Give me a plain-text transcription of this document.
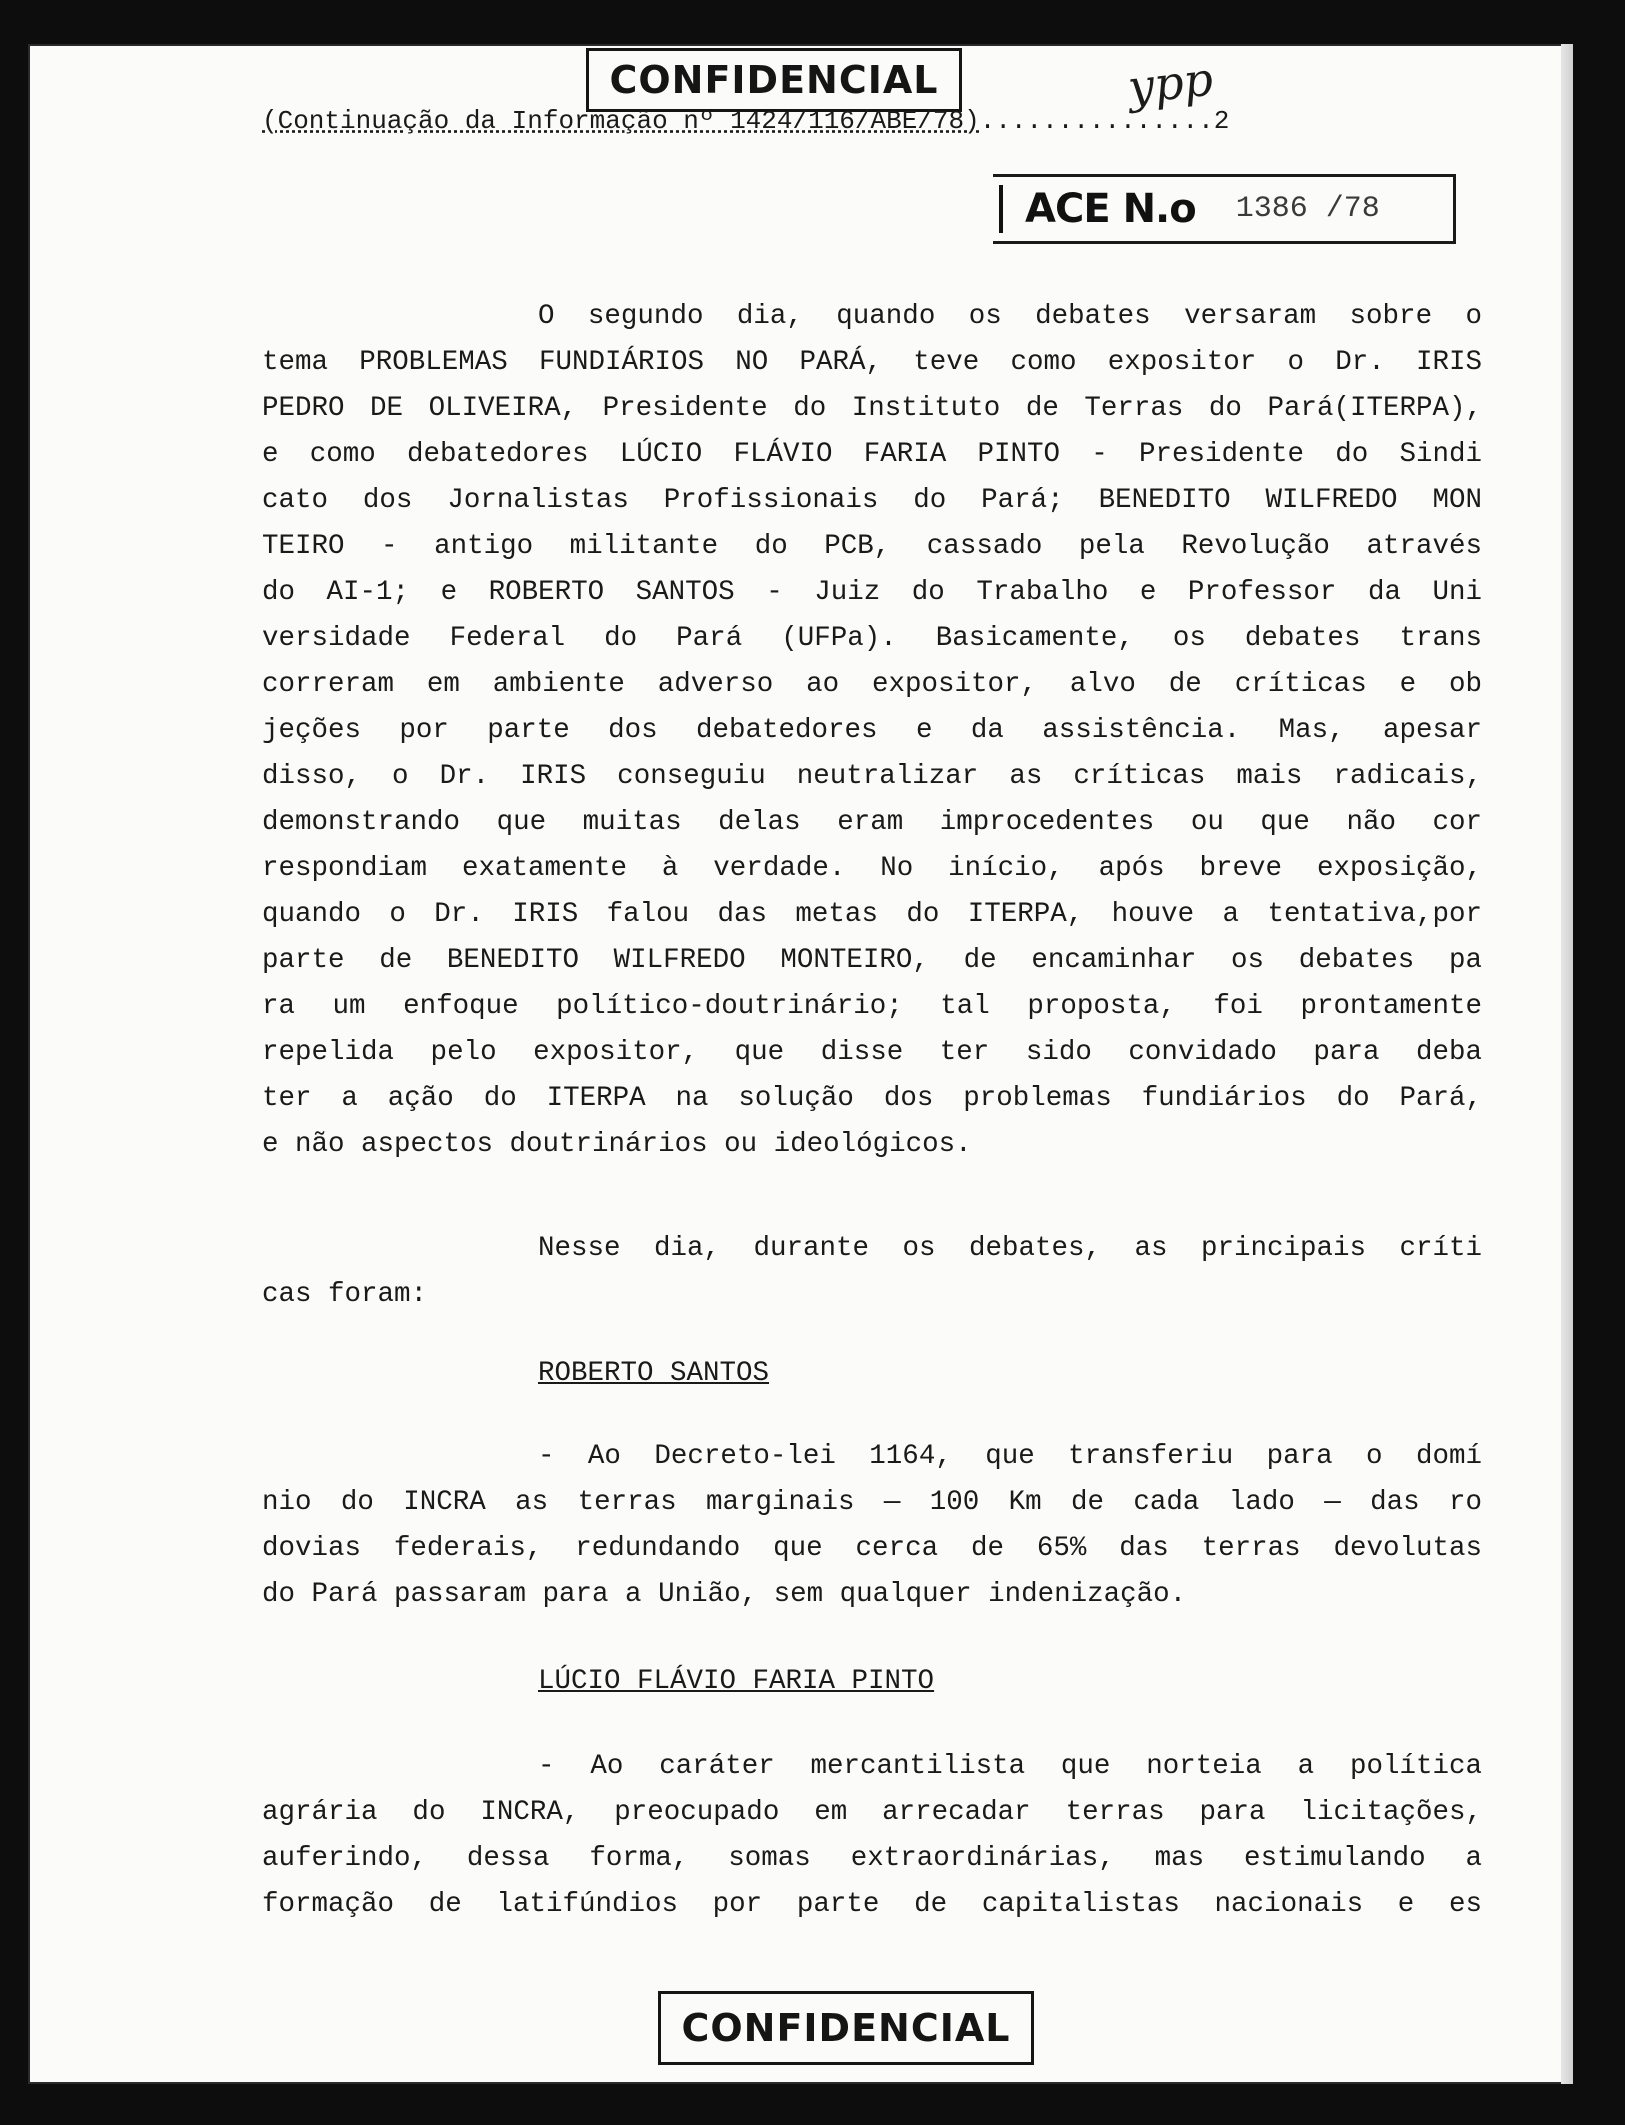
CONFIDENCIAL	ypp
(Continuação da Informação nº 1424/116/ABE/78)...............2
ACE N.o 1386 /78
O segundo dia, quando os debates versaram sobre o
tema PROBLEMAS FUNDIÁRIOS NO PARÁ, teve como expositor o Dr. IRIS
PEDRO DE OLIVEIRA, Presidente do Instituto de Terras do Pará(ITERPA),
e como debatedores LÚCIO FLÁVIO FARIA PINTO - Presidente do Sindi
cato dos Jornalistas Profissionais do Pará; BENEDITO WILFREDO MON
TEIRO - antigo militante do PCB, cassado pela Revolução através
do AI-1; e ROBERTO SANTOS - Juiz do Trabalho e Professor da Uni
versidade Federal do Pará (UFPa). Basicamente, os debates trans
correram em ambiente adverso ao expositor, alvo de críticas e ob
jeções por parte dos debatedores e da assistência. Mas, apesar
disso, o Dr. IRIS conseguiu neutralizar as críticas mais radicais,
demonstrando que muitas delas eram improcedentes ou que não cor
respondiam exatamente à verdade. No início, após breve exposição,
quando o Dr. IRIS falou das metas do ITERPA, houve a tentativa,por
parte de BENEDITO WILFREDO MONTEIRO, de encaminhar os debates pa
ra um enfoque político-doutrinário; tal proposta, foi prontamente
repelida pelo expositor, que disse ter sido convidado para deba
ter a ação do ITERPA na solução dos problemas fundiários do Pará,
e não aspectos doutrinários ou ideológicos.
Nesse dia, durante os debates, as principais críti
cas foram:
ROBERTO SANTOS
- Ao Decreto-lei 1164, que transferiu para o domí
nio do INCRA as terras marginais — 100 Km de cada lado — das ro
dovias federais, redundando que cerca de 65% das terras devolutas
do Pará passaram para a União, sem qualquer indenização.
LÚCIO FLÁVIO FARIA PINTO
- Ao caráter mercantilista que norteia a política
agrária do INCRA, preocupado em arrecadar terras para licitações,
auferindo, dessa forma, somas extraordinárias, mas estimulando a
formação de latifúndios por parte de capitalistas nacionais e es
CONFIDENCIAL
